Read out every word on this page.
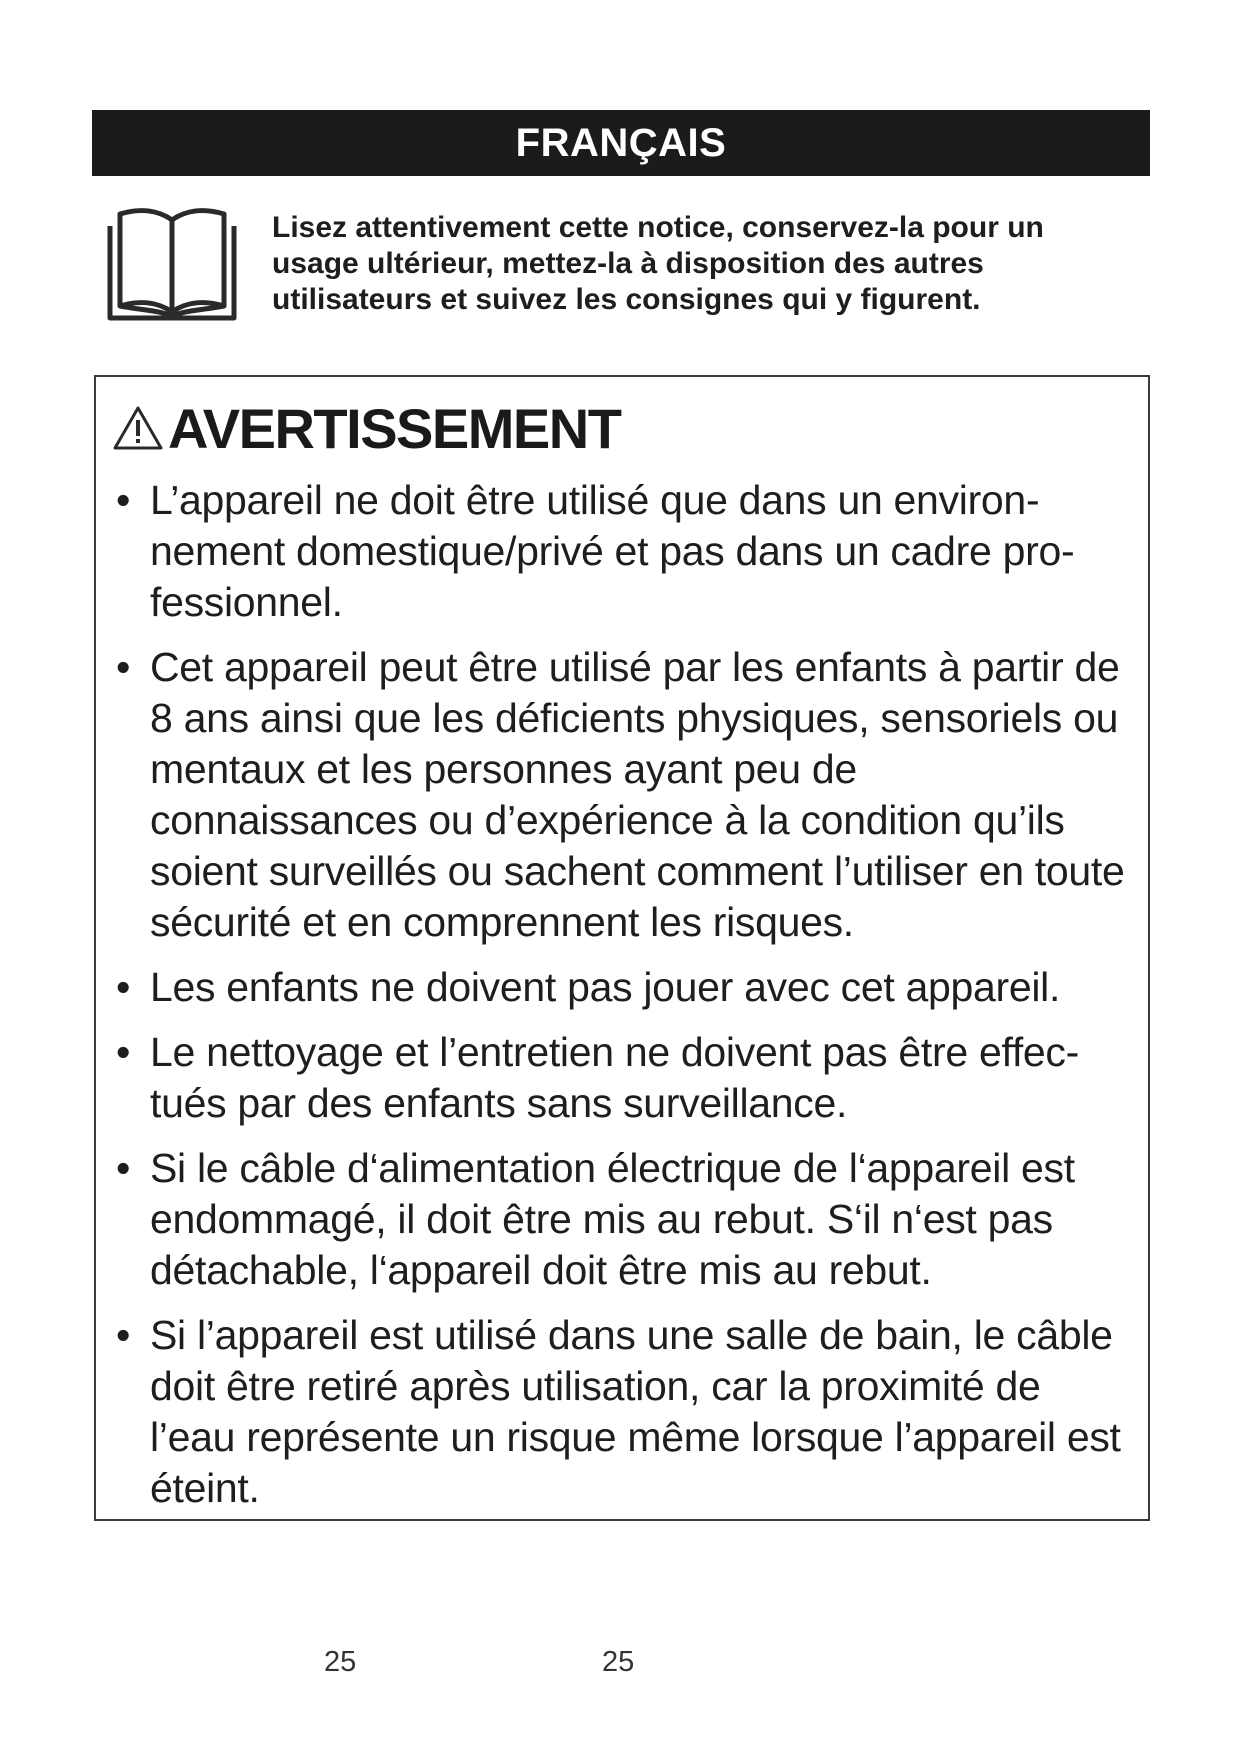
FRANÇAIS
Lisez attentivement cette notice, conservez-la pour un usage ultérieur, mettez-la à disposition des autres utilisateurs et suivez les consignes qui y figurent.
AVERTISSEMENT
• L’appareil ne doit être utilisé que dans un environnement domestique/privé et pas dans un cadre professionnel.
• Cet appareil peut être utilisé par les enfants à partir de 8 ans ainsi que les déficients physiques, sensoriels ou mentaux et les personnes ayant peu de connaissances ou d’expérience à la condition qu’ils soient surveillés ou sachent comment l’utiliser en toute sécurité et en comprennent les risques.
• Les enfants ne doivent pas jouer avec cet appareil.
• Le nettoyage et l’entretien ne doivent pas être effectués par des enfants sans surveillance.
• Si le câble d‘alimentation électrique de l‘appareil est endommagé, il doit être mis au rebut. S‘il n‘est pas détachable, l‘appareil doit être mis au rebut.
• Si l’appareil est utilisé dans une salle de bain, le câble doit être retiré après utilisation, car la proximité de l’eau représente un risque même lorsque l’appareil est éteint.
25	25
